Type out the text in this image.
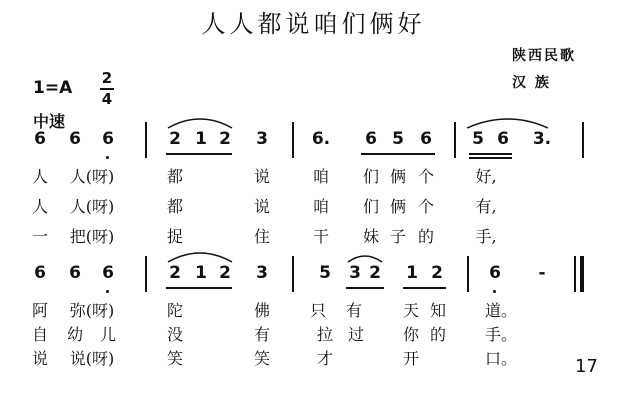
人人都说咱们俩好
陕西民歌
汉 族
1=A 2
4
中速
6 6 6	2 1 2 3	6. 6 5 6 5 6 3.
人 人(呀)	都	说	咱 们 俩 个	好,
人 人(呀)	都	说	咱 们 俩 个	有,
一 把(呀)	捉	住	干 妹 子 的	手,
6 6 6	2 1 2 3	5 3 2 1 2	6 -
阿 弥(呀)	陀	佛 只 有	天 知 道。
自 幼 儿	没	有	拉 过 你 的 手。
说 说(呀)	笑	笑	才	开	口。	17
